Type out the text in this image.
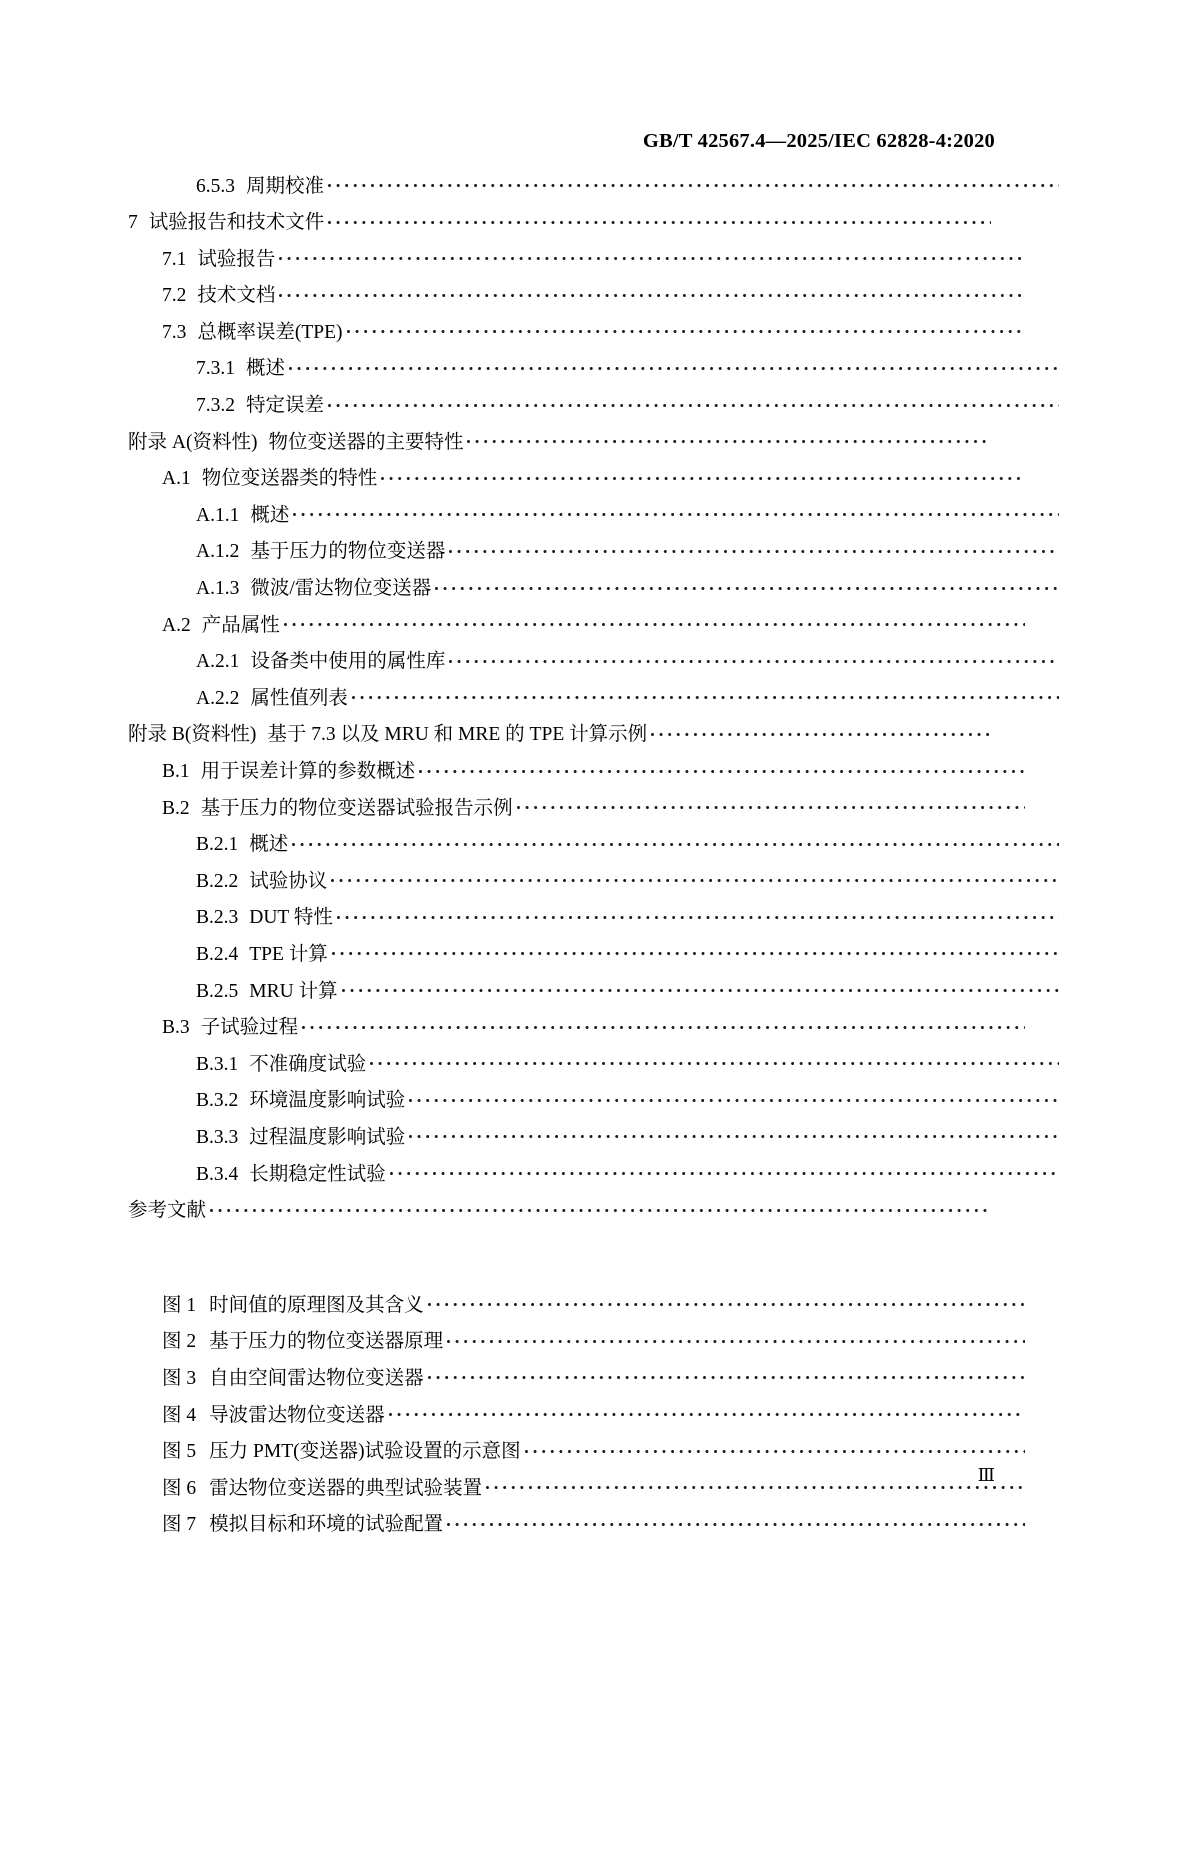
GB/T 42567.4—2025/IEC 62828-4:2020
6.5.3 周期校准
7 试验报告和技术文件
7.1 试验报告
7.2 技术文档
7.3 总概率误差(TPE)
7.3.1 概述
7.3.2 特定误差
附录 A(资料性) 物位变送器的主要特性
A.1 物位变送器类的特性
A.1.1 概述
A.1.2 基于压力的物位变送器
A.1.3 微波/雷达物位变送器
A.2 产品属性
A.2.1 设备类中使用的属性库
A.2.2 属性值列表
附录 B(资料性) 基于 7.3 以及 MRU 和 MRE 的 TPE 计算示例
B.1 用于误差计算的参数概述
B.2 基于压力的物位变送器试验报告示例
B.2.1 概述
B.2.2 试验协议
B.2.3 DUT 特性
B.2.4 TPE 计算
B.2.5 MRU 计算
B.3 子试验过程
B.3.1 不准确度试验
B.3.2 环境温度影响试验
B.3.3 过程温度影响试验
B.3.4 长期稳定性试验
参考文献
图 1 时间值的原理图及其含义
图 2 基于压力的物位变送器原理
图 3 自由空间雷达物位变送器
图 4 导波雷达物位变送器
图 5 压力 PMT(变送器)试验设置的示意图
图 6 雷达物位变送器的典型试验装置
图 7 模拟目标和环境的试验配置
Ⅲ
